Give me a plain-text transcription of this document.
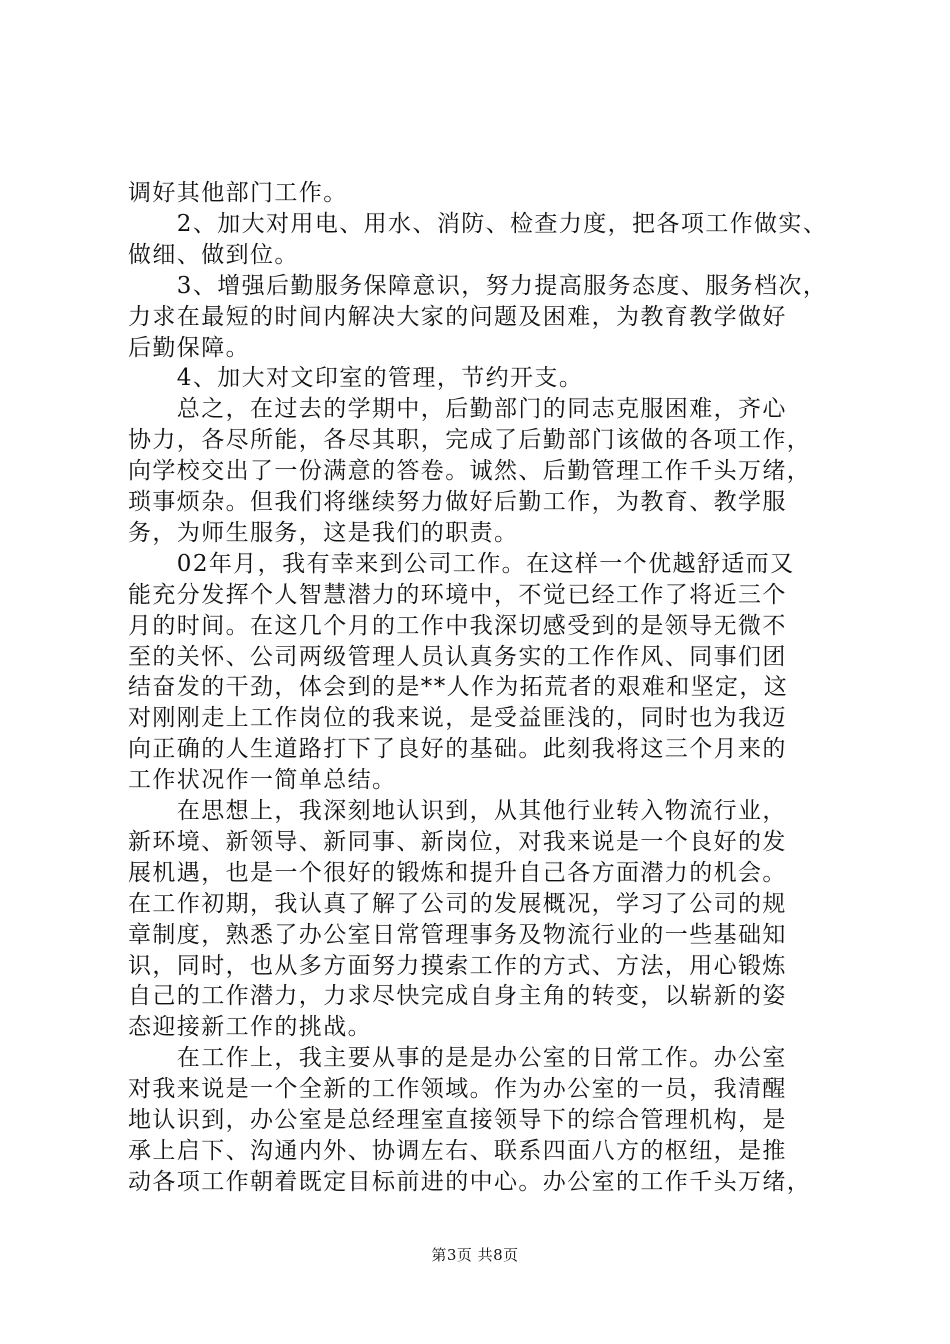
调好其他部门工作。
　　2、加大对用电、用水、消防、检查力度，把各项工作做实、
做细、做到位。
　　3、增强后勤服务保障意识，努力提高服务态度、服务档次，
力求在最短的时间内解决大家的问题及困难，为教育教学做好
后勤保障。
　　4、加大对文印室的管理，节约开支。
　　总之，在过去的学期中，后勤部门的同志克服困难，齐心
协力，各尽所能，各尽其职，完成了后勤部门该做的各项工作，
向学校交出了一份满意的答卷。诚然、后勤管理工作千头万绪，
琐事烦杂。但我们将继续努力做好后勤工作，为教育、教学服
务，为师生服务，这是我们的职责。
　　02年月，我有幸来到公司工作。在这样一个优越舒适而又
能充分发挥个人智慧潜力的环境中，不觉已经工作了将近三个
月的时间。在这几个月的工作中我深切感受到的是领导无微不
至的关怀、公司两级管理人员认真务实的工作作风、同事们团
结奋发的干劲，体会到的是**人作为拓荒者的艰难和坚定，这
对刚刚走上工作岗位的我来说，是受益匪浅的，同时也为我迈
向正确的人生道路打下了良好的基础。此刻我将这三个月来的
工作状况作一简单总结。
　　在思想上，我深刻地认识到，从其他行业转入物流行业，
新环境、新领导、新同事、新岗位，对我来说是一个良好的发
展机遇，也是一个很好的锻炼和提升自己各方面潜力的机会。
在工作初期，我认真了解了公司的发展概况，学习了公司的规
章制度，熟悉了办公室日常管理事务及物流行业的一些基础知
识，同时，也从多方面努力摸索工作的方式、方法，用心锻炼
自己的工作潜力，力求尽快完成自身主角的转变，以崭新的姿
态迎接新工作的挑战。
　　在工作上，我主要从事的是是办公室的日常工作。办公室
对我来说是一个全新的工作领域。作为办公室的一员，我清醒
地认识到，办公室是总经理室直接领导下的综合管理机构，是
承上启下、沟通内外、协调左右、联系四面八方的枢纽，是推
动各项工作朝着既定目标前进的中心。办公室的工作千头万绪，
第3页 共8页
